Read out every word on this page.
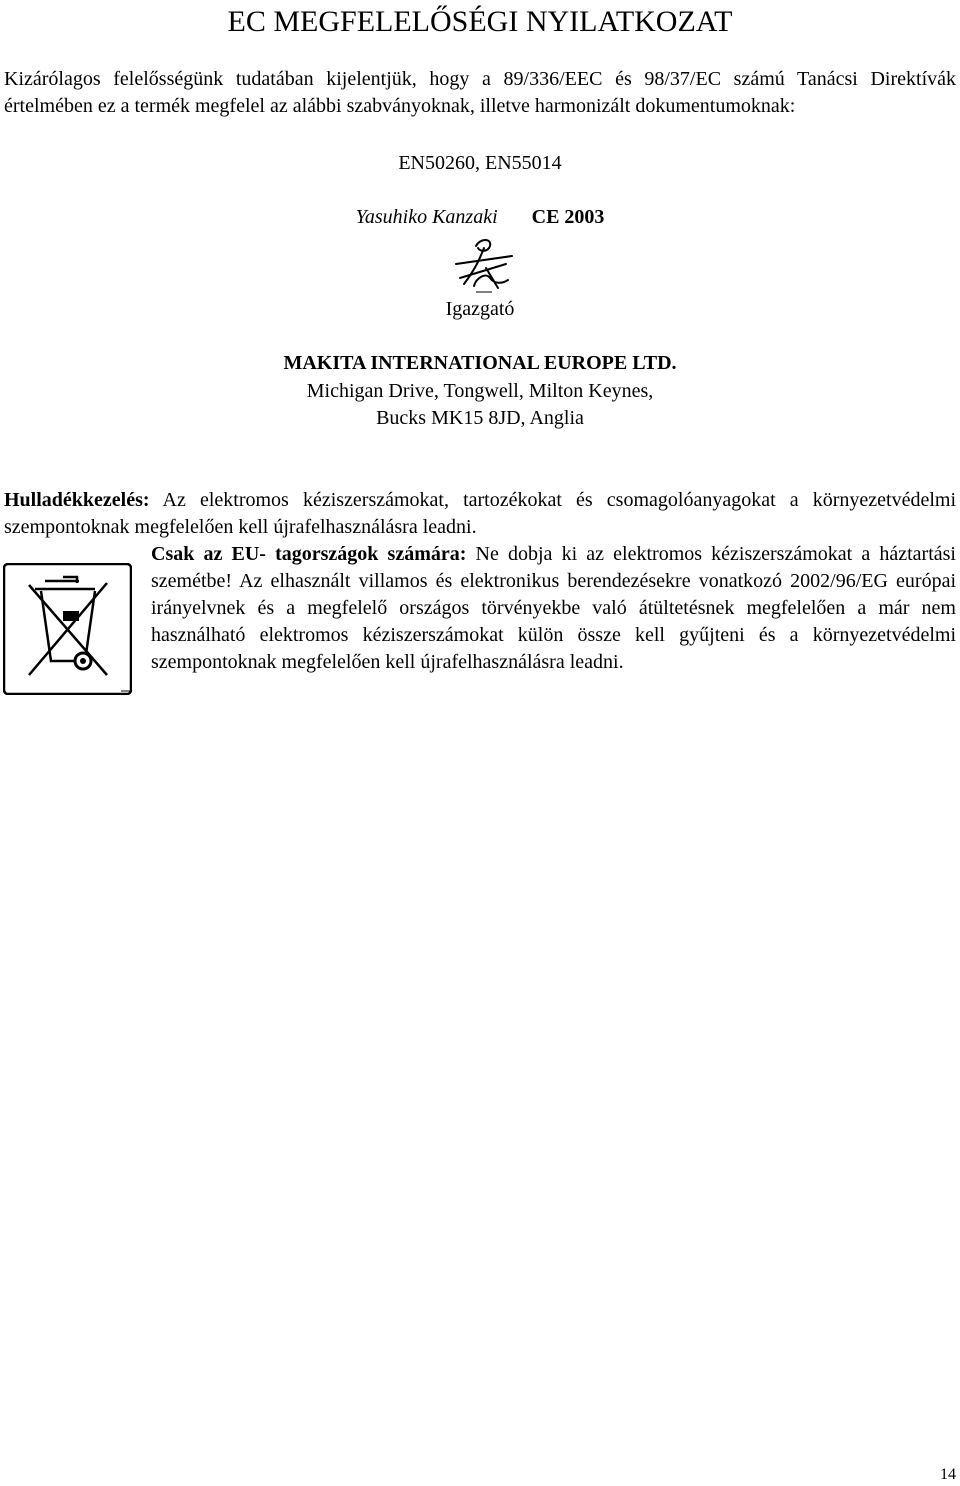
EC MEGFELELŐSÉGI NYILATKOZAT
Kizárólagos felelősségünk tudatában kijelentjük, hogy a 89/336/EEC és 98/37/EC számú Tanácsi Direktívák értelmében ez a termék megfelel az alábbi szabványoknak, illetve harmonizált dokumentumoknak:
EN50260, EN55014
Yasuhiko Kanzaki CE 2003
Igazgató
MAKITA INTERNATIONAL EUROPE LTD.
Michigan Drive, Tongwell, Milton Keynes,
Bucks MK15 8JD, Anglia
Hulladékkezelés: Az elektromos kéziszerszámokat, tartozékokat és csomagolóanyagokat a környezetvédelmi szempontoknak megfelelően kell újrafelhasználásra leadni.
Csak az EU- tagországok számára: Ne dobja ki az elektromos kéziszerszámokat a háztartási szemétbe! Az elhasznált villamos és elektronikus berendezésekre vonatkozó 2002/96/EG európai irányelvnek és a megfelelő országos törvényekbe való átültetésnek megfelelően a már nem használható elektromos kéziszerszámokat külön össze kell gyűjteni és a környezetvédelmi szempontoknak megfelelően kell újrafelhasználásra leadni.
14
